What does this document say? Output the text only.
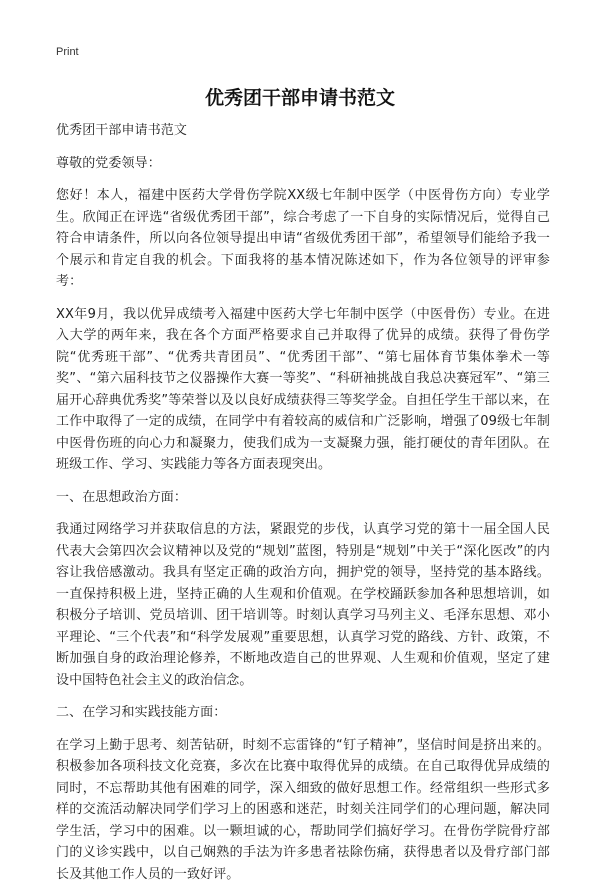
Print
优秀团干部申请书范文

优秀团干部申请书范文

尊敬的党委领导：

您好！本人，福建中医药大学骨伤学院XX级七年制中医学（中医骨伤方向）专业学生。欣闻正在评选“省级优秀团干部”，综合考虑了一下自身的实际情况后，觉得自己符合申请条件，所以向各位领导提出申请“省级优秀团干部”，希望领导们能给予我一个展示和肯定自我的机会。下面我将的基本情况陈述如下，作为各位领导的评审参考：

XX年9月，我以优异成绩考入福建中医药大学七年制中医学（中医骨伤）专业。在进入大学的两年来，我在各个方面严格要求自己并取得了优异的成绩。获得了骨伤学院“优秀班干部”、“优秀共青团员”、“优秀团干部”、“第七届体育节集体拳术一等奖”、“第六届科技节之仪器操作大赛一等奖”、“科研袖挑战自我总决赛冠军”、“第三届开心辞典优秀奖”等荣誉以及以良好成绩获得三等奖学金。自担任学生干部以来，在工作中取得了一定的成绩，在同学中有着较高的威信和广泛影响，增强了09级七年制中医骨伤班的向心力和凝聚力，使我们成为一支凝聚力强，能打硬仗的青年团队。在班级工作、学习、实践能力等各方面表现突出。

一、在思想政治方面：

我通过网络学习并获取信息的方法，紧跟党的步伐，认真学习党的第十一届全国人民代表大会第四次会议精神以及党的“规划”蓝图，特别是“规划”中关于“深化医改”的内容让我倍感激动。我具有坚定正确的政治方向，拥护党的领导，坚持党的基本路线。一直保持积极上进，坚持正确的人生观和价值观。在学校踊跃参加各种思想培训，如积极分子培训、党员培训、团干培训等。时刻认真学习马列主义、毛泽东思想、邓小平理论、“三个代表”和“科学发展观”重要思想，认真学习党的路线、方针、政策，不断加强自身的政治理论修养，不断地改造自己的世界观、人生观和价值观，坚定了建设中国特色社会主义的政治信念。

二、在学习和实践技能方面：

在学习上勤于思考、刻苦钻研，时刻不忘雷锋的“钉子精神”，坚信时间是挤出来的。积极参加各项科技文化竞赛，多次在比赛中取得优异的成绩。在自己取得优异成绩的同时，不忘帮助其他有困难的同学，深入细致的做好思想工作。经常组织一些形式多样的交流活动解决同学们学习上的困惑和迷茫，时刻关注同学们的心理问题，解决同学生活，学习中的困难。以一颗坦诚的心，帮助同学们搞好学习。在骨伤学院骨疗部门的义诊实践中，以自己娴熟的手法为许多患者祛除伤痛，获得患者以及骨疗部门部长及其他工作人员的一致好评。
